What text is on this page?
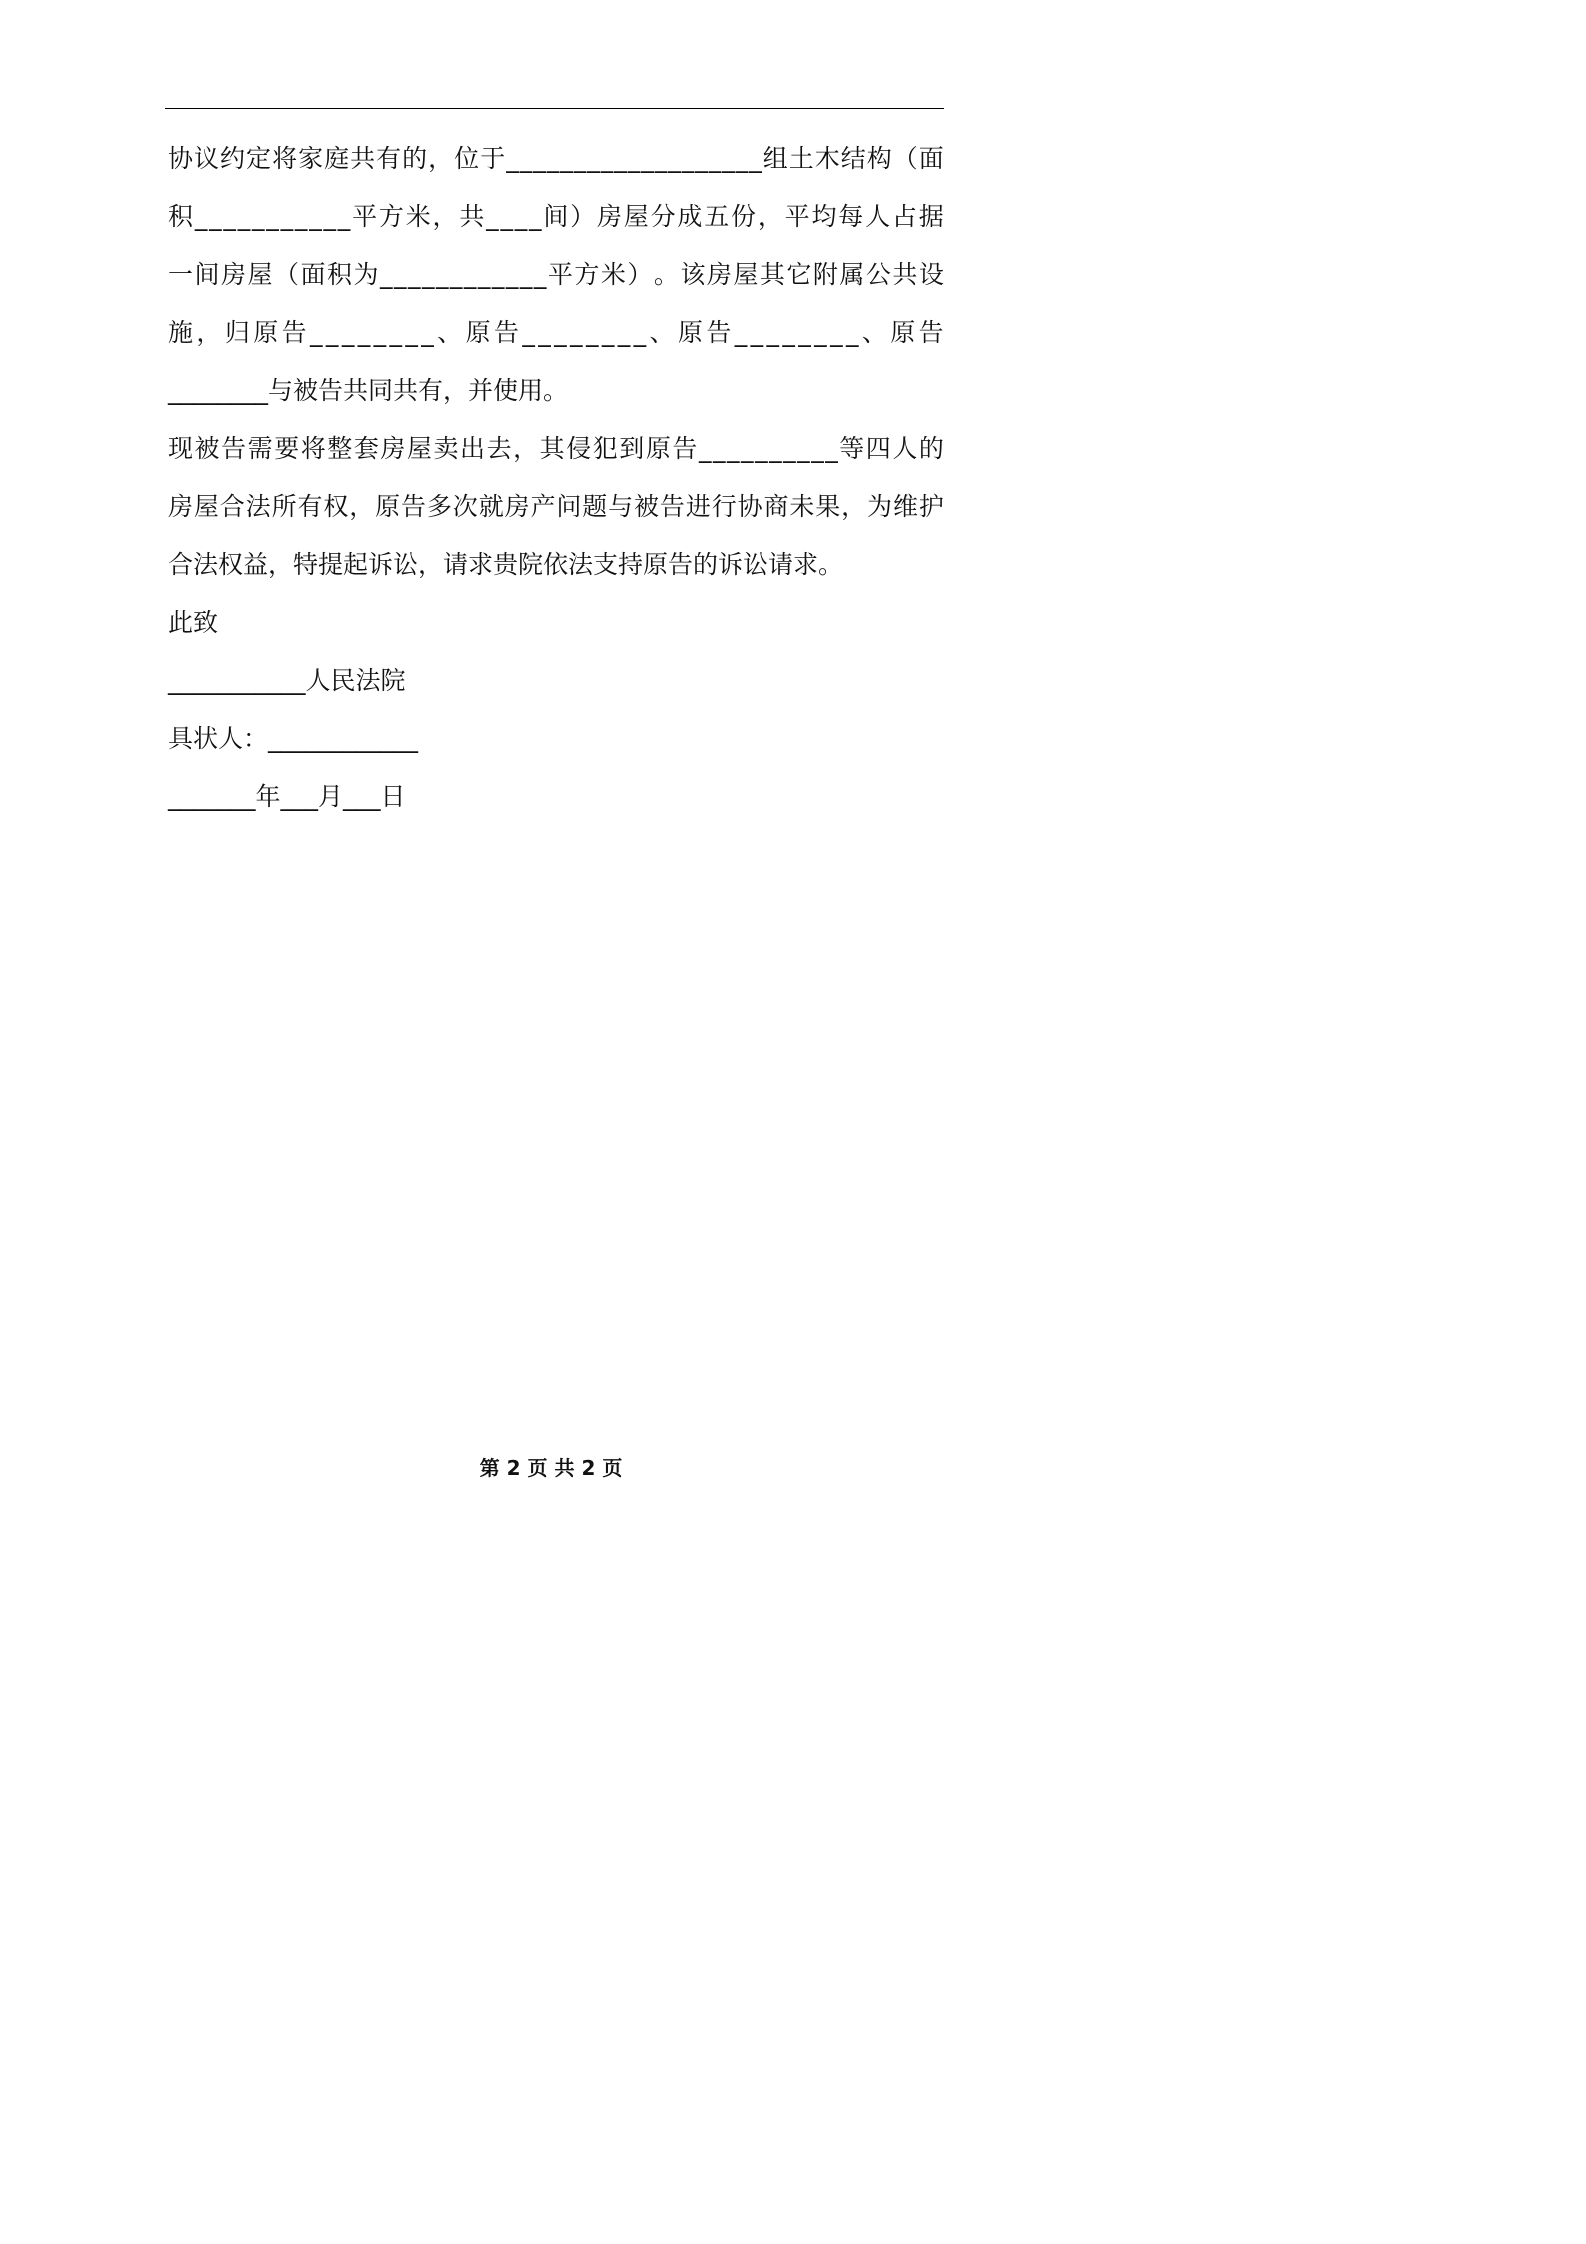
协 议 约 定 将 家 庭 共 有 的 ， 位 于 _ _ _ _ _ _ _ _ _ _ _ _ _ _ _ _ _ _ _ 组 土 木 结 构 （ 面
积 _ _ _ _ _ _ _ _ _ _ _ 平 方 米 ， 共 _ _ _ _ 间 ） 房 屋 分 成 五 份 ， 平 均 每 人 占 据
一 间 房 屋 （ 面 积 为 _ _ _ _ _ _ _ _ _ _ _ _ 平 方 米 ） 。 该 房 屋 其 它 附 属 公 共 设
施 ， 归 原 告 _ _ _ _ _ _ _ _ 、 原 告 _ _ _ _ _ _ _ _ 、 原 告 _ _ _ _ _ _ _ _ 、 原 告
________与被告共同共有，并使用。
现 被 告 需 要 将 整 套 房 屋 卖 出 去 ， 其 侵 犯 到 原 告 _ _ _ _ _ _ _ _ _ _ 等 四 人 的
房 屋 合 法 所 有 权 ， 原 告 多 次 就 房 产 问 题 与 被 告 进 行 协 商 未 果 ， 为 维 护
合法权益，特提起诉讼，请求贵院依法支持原告的诉讼请求。
此致
___________人民法院
具状人：____________
_______年___月___日
第 2 页 共 2 页
